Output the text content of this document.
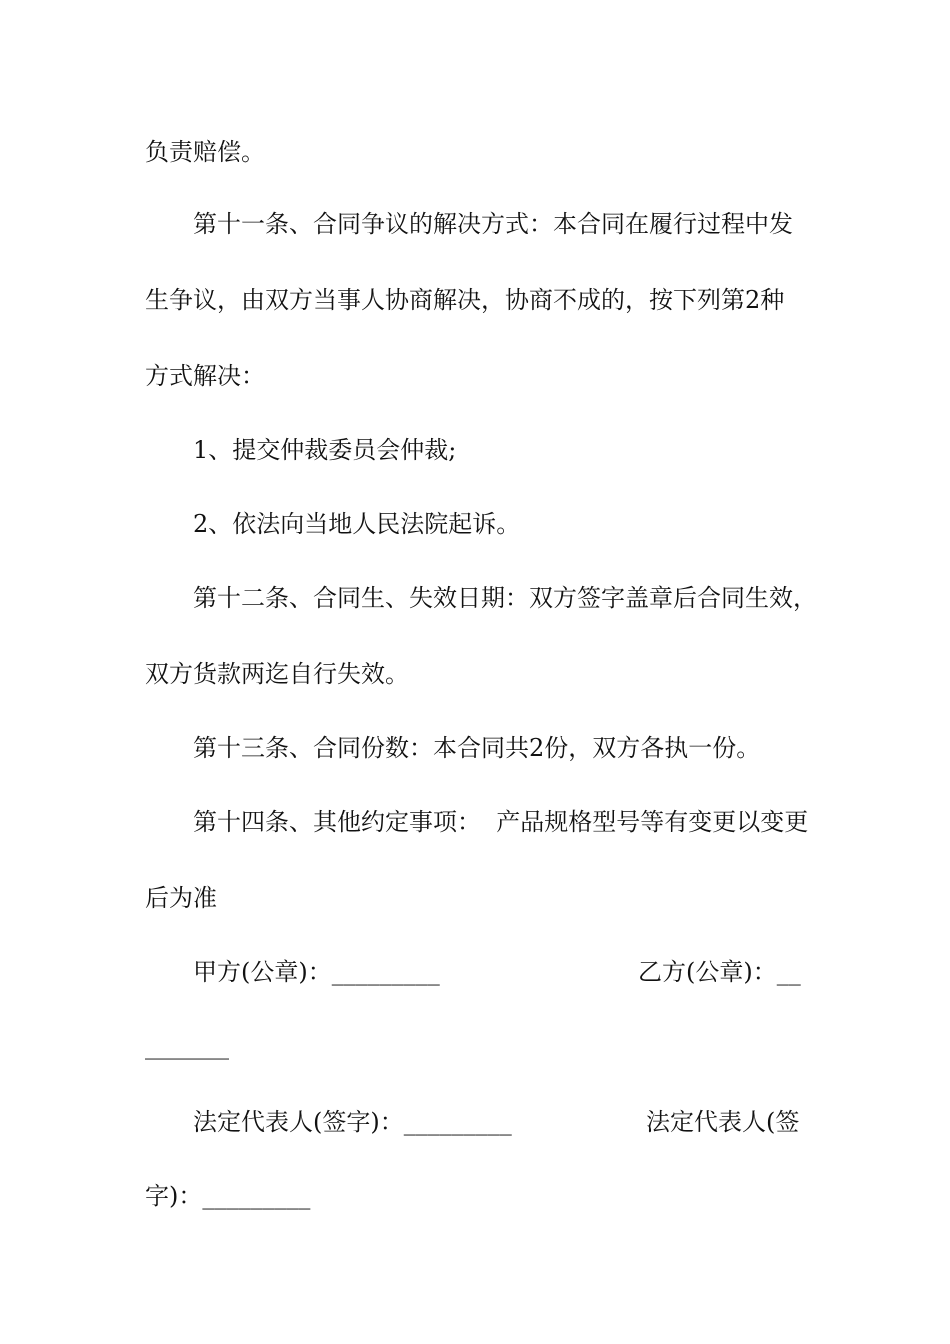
负责赔偿。
第十一条、合同争议的解决方式：本合同在履行过程中发
生争议，由双方当事人协商解决，协商不成的，按下列第2种
方式解决：
1、提交仲裁委员会仲裁;
2、依法向当地人民法院起诉。
第十二条、合同生、失效日期：双方签字盖章后合同生效，
双方货款两迄自行失效。
第十三条、合同份数：本合同共2份，双方各执一份。
第十四条、其他约定事项：  产品规格型号等有变更以变更
后为准
甲方(公章)：_________	乙方(公章)：__
_______
法定代表人(签字)：_________	法定代表人(签
字)：_________
